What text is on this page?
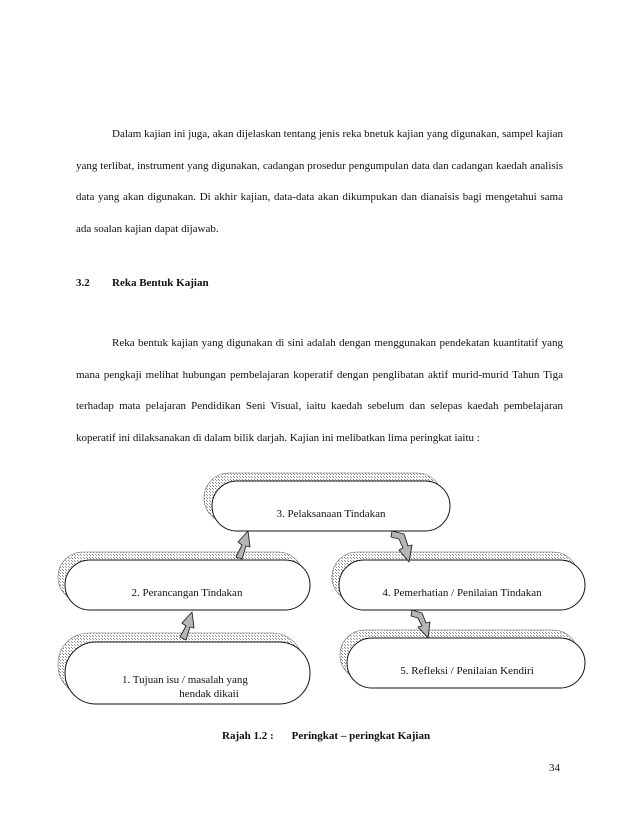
Dalam kajian ini juga, akan dijelaskan tentang jenis reka bnetuk kajian yang digunakan, sampel kajian yang terlibat, instrument yang digunakan, cadangan prosedur pengumpulan data dan cadangan kaedah analisis data yang akan digunakan. Di akhir kajian, data-data akan dikumpukan dan dianaisis bagi mengetahui sama ada soalan kajian dapat dijawab.

3.2	Reka Bentuk Kajian

Reka bentuk kajian yang digunakan di sini adalah dengan menggunakan pendekatan kuantitatif yang mana pengkaji melihat hubungan pembelajaran koperatif dengan penglibatan aktif murid-murid Tahun Tiga terhadap mata pelajaran Pendidikan Seni Visual, iaitu kaedah sebelum dan selepas kaedah pembelajaran koperatif ini dilaksanakan di dalam bilik darjah. Kajian ini melibatkan lima peringkat iaitu :

3. Pelaksanaan Tindakan
2. Perancangan Tindakan	4. Pemerhatian / Penilaian Tindakan
1. Tujuan isu / masalah yang
hendak dikaii
5. Refleksi / Penilaian Kendiri
Rajah 1.2 : Peringkat – peringkat Kajian
34
